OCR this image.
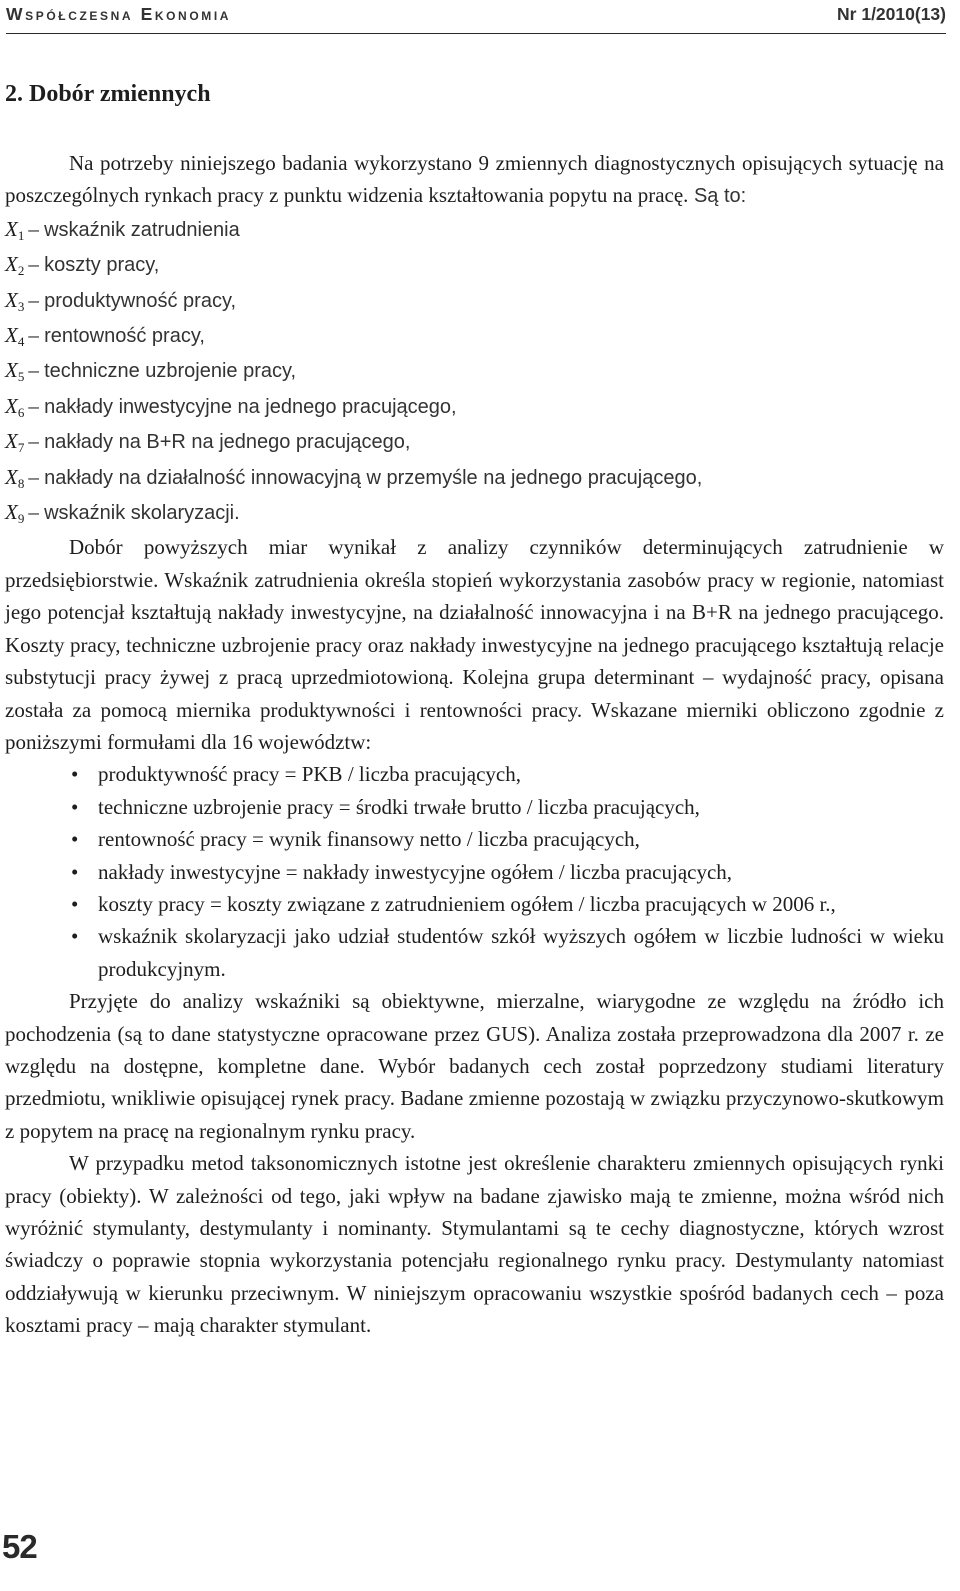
Współczesna Ekonomia	Nr 1/2010(13)
2. Dobór zmiennych

Na potrzeby niniejszego badania wykorzystano 9 zmiennych diagnostycznych opisujących sytuację na poszczególnych rynkach pracy z punktu widzenia kształtowania popytu na pracę. Są to:

X1 – wskaźnik zatrudnienia
X2 – koszty pracy,
X3 – produktywność pracy,
X4 – rentowność pracy,
X5 – techniczne uzbrojenie pracy,
X6 – nakłady inwestycyjne na jednego pracującego,
X7 – nakłady na B+R na jednego pracującego,
X8 – nakłady na działalność innowacyjną w przemyśle na jednego pracującego,
X9 – wskaźnik skolaryzacji.

Dobór powyższych miar wynikał z analizy czynników determinujących zatrudnienie w przedsiębiorstwie. Wskaźnik zatrudnienia określa stopień wykorzystania zasobów pracy w regionie, natomiast jego potencjał kształtują nakłady inwestycyjne, na działalność innowacyjna i na B+R na jednego pracującego. Koszty pracy, techniczne uzbrojenie pracy oraz nakłady inwestycyjne na jednego pracującego kształtują relacje substytucji pracy żywej z pracą uprzedmiotowioną. Kolejna grupa determinant – wydajność pracy, opisana została za pomocą miernika produktywności i rentowności pracy. Wskazane mierniki obliczono zgodnie z poniższymi formułami dla 16 województw:

• produktywność pracy = PKB / liczba pracujących,
• techniczne uzbrojenie pracy = środki trwałe brutto / liczba pracujących,
• rentowność pracy = wynik finansowy netto / liczba pracujących,
• nakłady inwestycyjne = nakłady inwestycyjne ogółem / liczba pracujących,
• koszty pracy = koszty związane z zatrudnieniem ogółem / liczba pracujących w 2006 r.,
• wskaźnik skolaryzacji jako udział studentów szkół wyższych ogółem w liczbie ludności w wieku produkcyjnym.

Przyjęte do analizy wskaźniki są obiektywne, mierzalne, wiarygodne ze względu na źródło ich pochodzenia (są to dane statystyczne opracowane przez GUS). Analiza została przeprowadzona dla 2007 r. ze względu na dostępne, kompletne dane. Wybór badanych cech został poprzedzony studiami literatury przedmiotu, wnikliwie opisującej rynek pracy. Badane zmienne pozostają w związku przyczynowo-skutkowym z popytem na pracę na regionalnym rynku pracy.

W przypadku metod taksonomicznych istotne jest określenie charakteru zmiennych opisujących rynki pracy (obiekty). W zależności od tego, jaki wpływ na badane zjawisko mają te zmienne, można wśród nich wyróżnić stymulanty, destymulanty i nominanty. Stymulantami są te cechy diagnostyczne, których wzrost świadczy o poprawie stopnia wykorzystania potencjału regionalnego rynku pracy. Destymulanty natomiast oddziaływują w kierunku przeciwnym. W niniejszym opracowaniu wszystkie spośród badanych cech – poza kosztami pracy – mają charakter stymulant.

52
